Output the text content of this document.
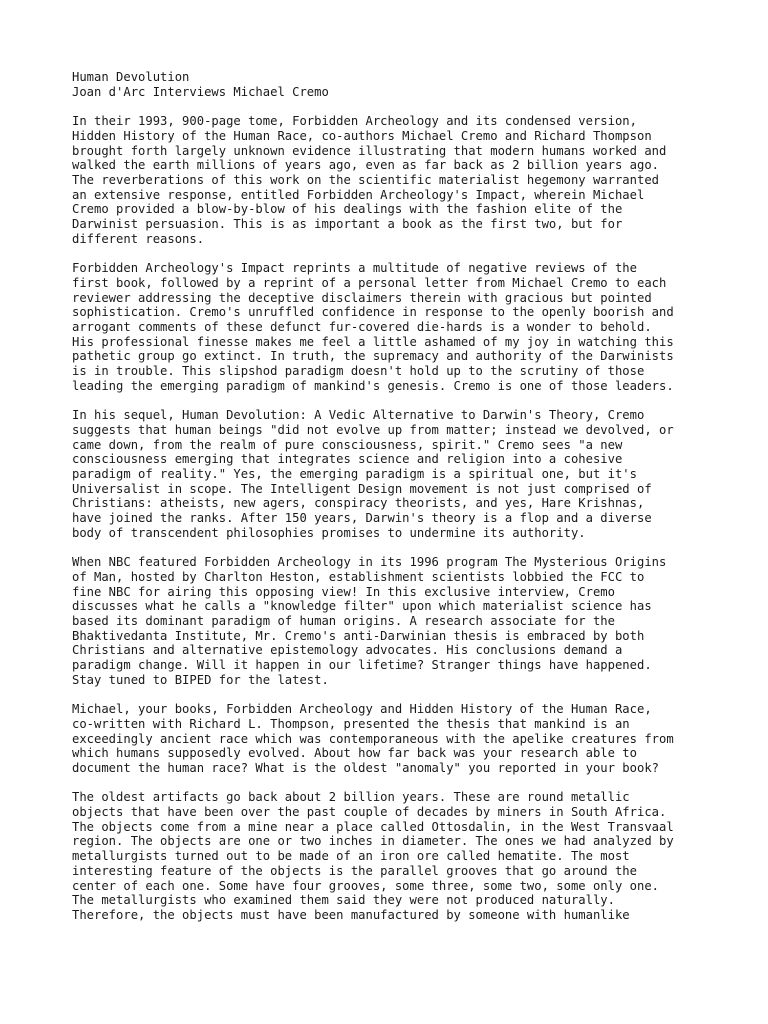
Human Devolution
Joan d'Arc Interviews Michael Cremo
In their 1993, 900-page tome, Forbidden Archeology and its condensed version,
Hidden History of the Human Race, co-authors Michael Cremo and Richard Thompson
brought forth largely unknown evidence illustrating that modern humans worked and
walked the earth millions of years ago, even as far back as 2 billion years ago.
The reverberations of this work on the scientific materialist hegemony warranted
an extensive response, entitled Forbidden Archeology's Impact, wherein Michael
Cremo provided a blow-by-blow of his dealings with the fashion elite of the
Darwinist persuasion. This is as important a book as the first two, but for
different reasons.
Forbidden Archeology's Impact reprints a multitude of negative reviews of the
first book, followed by a reprint of a personal letter from Michael Cremo to each
reviewer addressing the deceptive disclaimers therein with gracious but pointed
sophistication. Cremo's unruffled confidence in response to the openly boorish and
arrogant comments of these defunct fur-covered die-hards is a wonder to behold.
His professional finesse makes me feel a little ashamed of my joy in watching this
pathetic group go extinct. In truth, the supremacy and authority of the Darwinists
is in trouble. This slipshod paradigm doesn't hold up to the scrutiny of those
leading the emerging paradigm of mankind's genesis. Cremo is one of those leaders.
In his sequel, Human Devolution: A Vedic Alternative to Darwin's Theory, Cremo
suggests that human beings "did not evolve up from matter; instead we devolved, or
came down, from the realm of pure consciousness, spirit." Cremo sees "a new
consciousness emerging that integrates science and religion into a cohesive
paradigm of reality." Yes, the emerging paradigm is a spiritual one, but it's
Universalist in scope. The Intelligent Design movement is not just comprised of
Christians: atheists, new agers, conspiracy theorists, and yes, Hare Krishnas,
have joined the ranks. After 150 years, Darwin's theory is a flop and a diverse
body of transcendent philosophies promises to undermine its authority.
When NBC featured Forbidden Archeology in its 1996 program The Mysterious Origins
of Man, hosted by Charlton Heston, establishment scientists lobbied the FCC to
fine NBC for airing this opposing view! In this exclusive interview, Cremo
discusses what he calls a "knowledge filter" upon which materialist science has
based its dominant paradigm of human origins. A research associate for the
Bhaktivedanta Institute, Mr. Cremo's anti-Darwinian thesis is embraced by both
Christians and alternative epistemology advocates. His conclusions demand a
paradigm change. Will it happen in our lifetime? Stranger things have happened.
Stay tuned to BIPED for the latest.
Michael, your books, Forbidden Archeology and Hidden History of the Human Race,
co-written with Richard L. Thompson, presented the thesis that mankind is an
exceedingly ancient race which was contemporaneous with the apelike creatures from
which humans supposedly evolved. About how far back was your research able to
document the human race? What is the oldest "anomaly" you reported in your book?
The oldest artifacts go back about 2 billion years. These are round metallic
objects that have been over the past couple of decades by miners in South Africa.
The objects come from a mine near a place called Ottosdalin, in the West Transvaal
region. The objects are one or two inches in diameter. The ones we had analyzed by
metallurgists turned out to be made of an iron ore called hematite. The most
interesting feature of the objects is the parallel grooves that go around the
center of each one. Some have four grooves, some three, some two, some only one.
The metallurgists who examined them said they were not produced naturally.
Therefore, the objects must have been manufactured by someone with humanlike
